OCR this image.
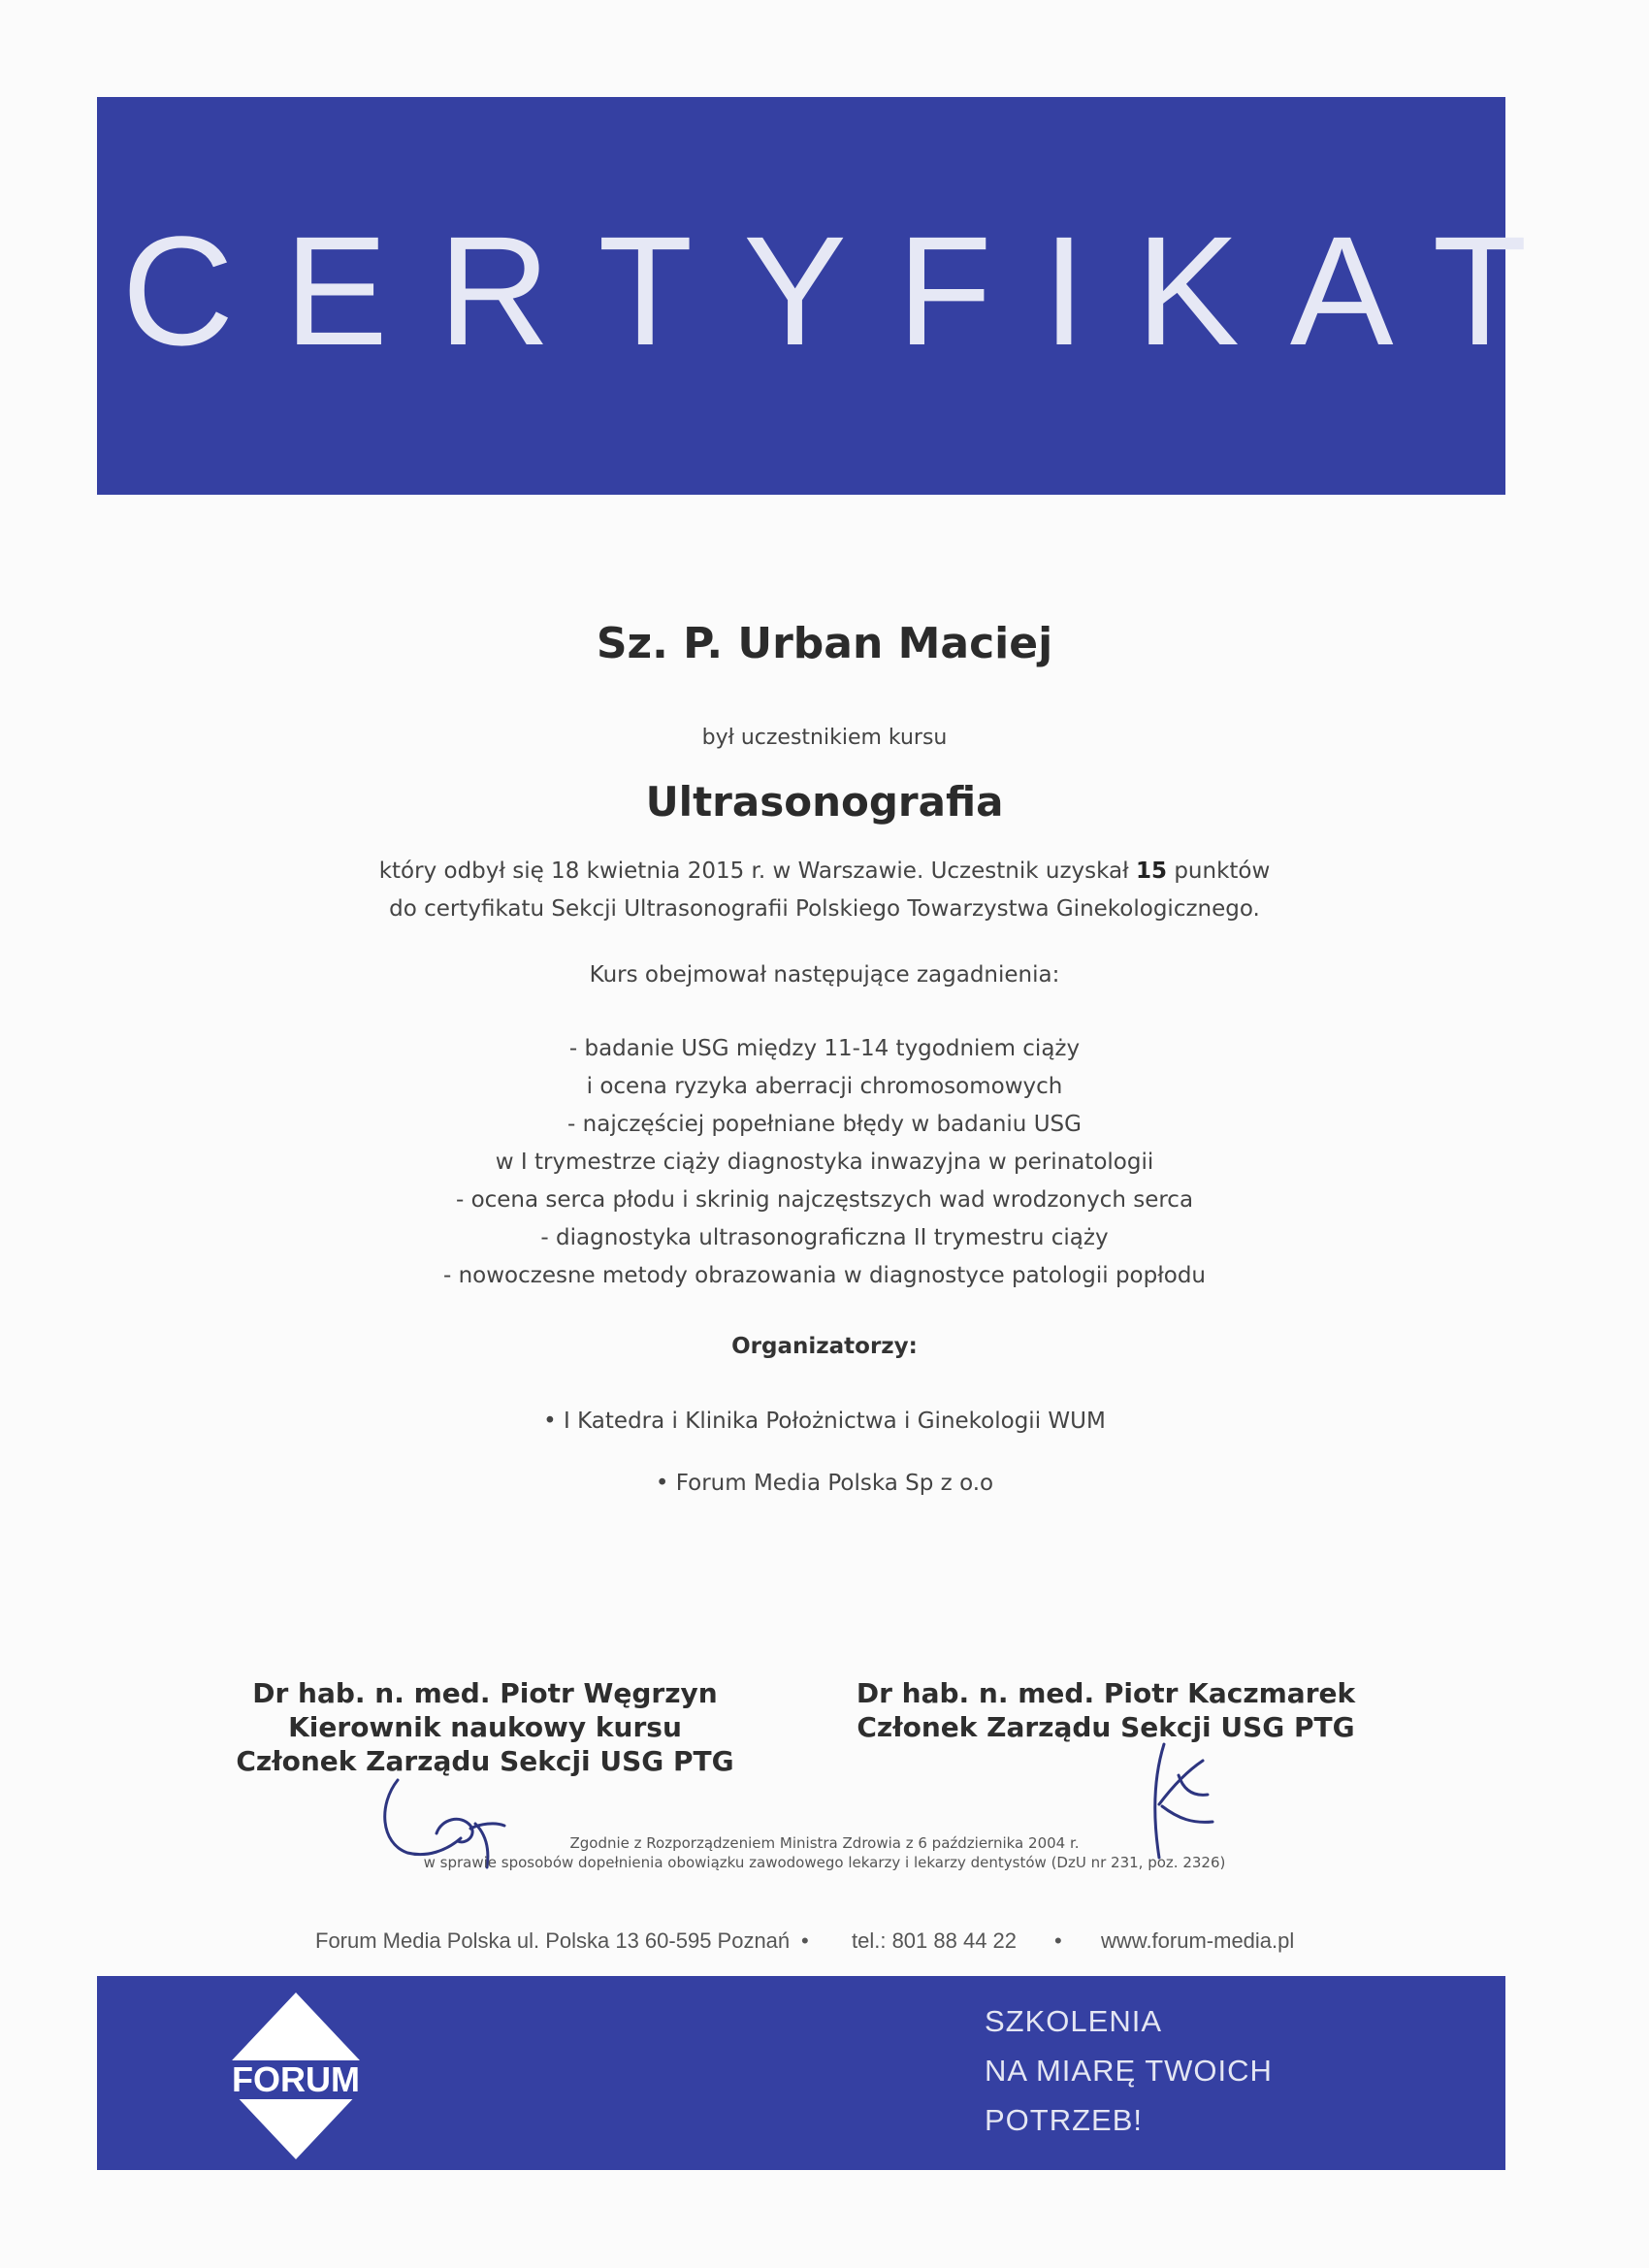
CERTYFIKAT
Sz. P. Urban Maciej
był uczestnikiem kursu
Ultrasonografia
który odbył się 18 kwietnia 2015 r. w Warszawie. Uczestnik uzyskał 15 punktów
do certyfikatu Sekcji Ultrasonografii Polskiego Towarzystwa Ginekologicznego.
Kurs obejmował następujące zagadnienia:
- badanie USG między 11-14 tygodniem ciąży
i ocena ryzyka aberracji chromosomowych
- najczęściej popełniane błędy w badaniu USG
w I trymestrze ciąży diagnostyka inwazyjna w perinatologii
- ocena serca płodu i skrinig najczęstszych wad wrodzonych serca
- diagnostyka ultrasonograficzna II trymestru ciąży
- nowoczesne metody obrazowania w diagnostyce patologii popłodu
Organizatorzy:
• I Katedra i Klinika Położnictwa i Ginekologii WUM
• Forum Media Polska Sp z o.o
Dr hab. n. med. Piotr Węgrzyn
Kierownik naukowy kursu
Członek Zarządu Sekcji USG PTG
Dr hab. n. med. Piotr Kaczmarek
Członek Zarządu Sekcji USG PTG
Zgodnie z Rozporządzeniem Ministra Zdrowia z 6 października 2004 r.
w sprawie sposobów dopełnienia obowiązku zawodowego lekarzy i lekarzy dentystów (DzU nr 231, poz. 2326)
Forum Media Polska ul. Polska 13 60-595 Poznań • tel.: 801 88 44 22 • www.forum-media.pl
FORUM
SZKOLENIA
NA MIARĘ TWOICH
POTRZEB!
